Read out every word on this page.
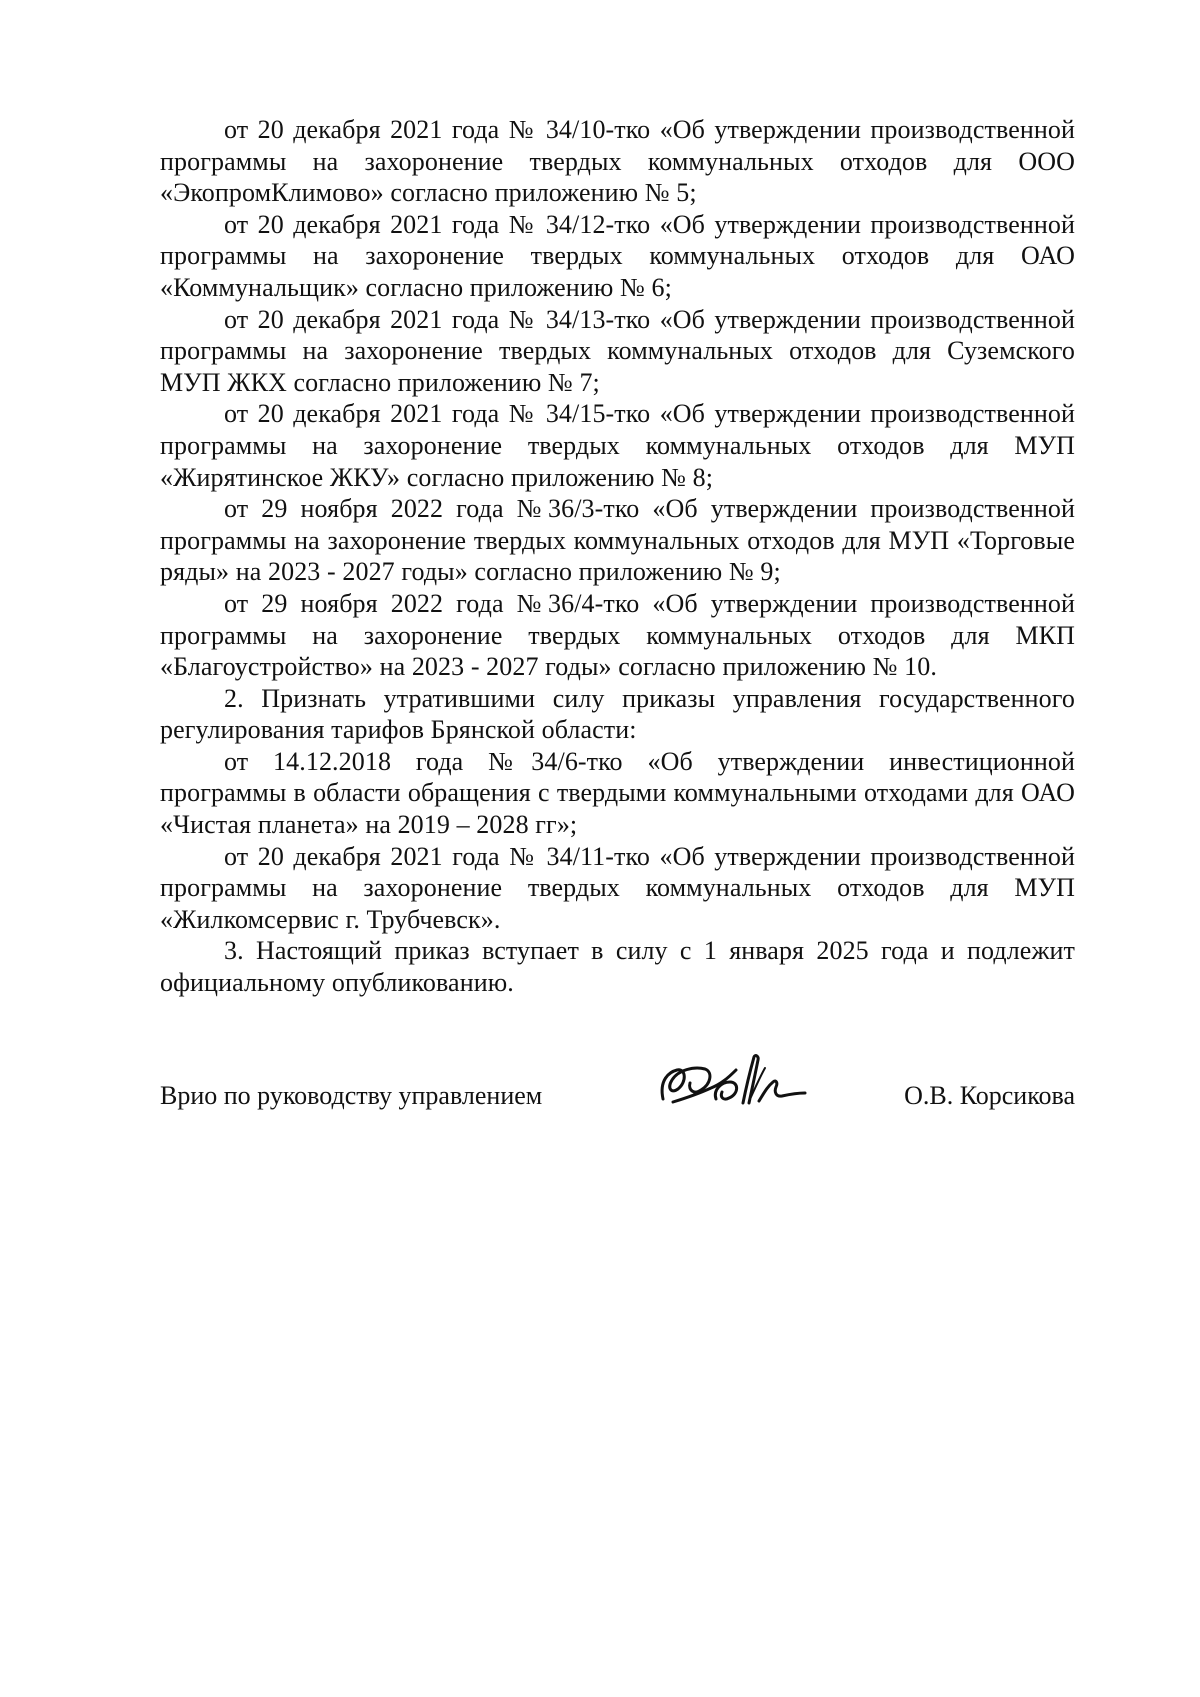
от 20 декабря 2021 года № 34/10-тко «Об утверждении производственной программы на захоронение твердых коммунальных отходов для ООО «ЭкопромКлимово» согласно приложению № 5;

от 20 декабря 2021 года № 34/12-тко «Об утверждении производственной программы на захоронение твердых коммунальных отходов для ОАО «Коммунальщик» согласно приложению № 6;

от 20 декабря 2021 года № 34/13-тко «Об утверждении производственной программы на захоронение твердых коммунальных отходов для Суземского МУП ЖКХ согласно приложению № 7;

от 20 декабря 2021 года № 34/15-тко «Об утверждении производственной программы на захоронение твердых коммунальных отходов для МУП «Жирятинское ЖКУ» согласно приложению № 8;

от 29 ноября 2022 года №36/3-тко «Об утверждении производственной программы на захоронение твердых коммунальных отходов для МУП «Торговые ряды» на 2023 - 2027 годы» согласно приложению № 9;

от 29 ноября 2022 года №36/4-тко «Об утверждении производственной программы на захоронение твердых коммунальных отходов для МКП «Благоустройство» на 2023 - 2027 годы» согласно приложению № 10.

2. Признать утратившими силу приказы управления государственного регулирования тарифов Брянской области:

от 14.12.2018 года №34/6-тко «Об утверждении инвестиционной программы в области обращения с твердыми коммунальными отходами для ОАО «Чистая планета» на 2019 – 2028 гг»;

от 20 декабря 2021 года № 34/11-тко «Об утверждении производственной программы на захоронение твердых коммунальных отходов для МУП «Жилкомсервис г. Трубчевск».

3. Настоящий приказ вступает в силу с 1 января 2025 года и подлежит официальному опубликованию.

Врио по руководству управлением	О.В. Корсикова
